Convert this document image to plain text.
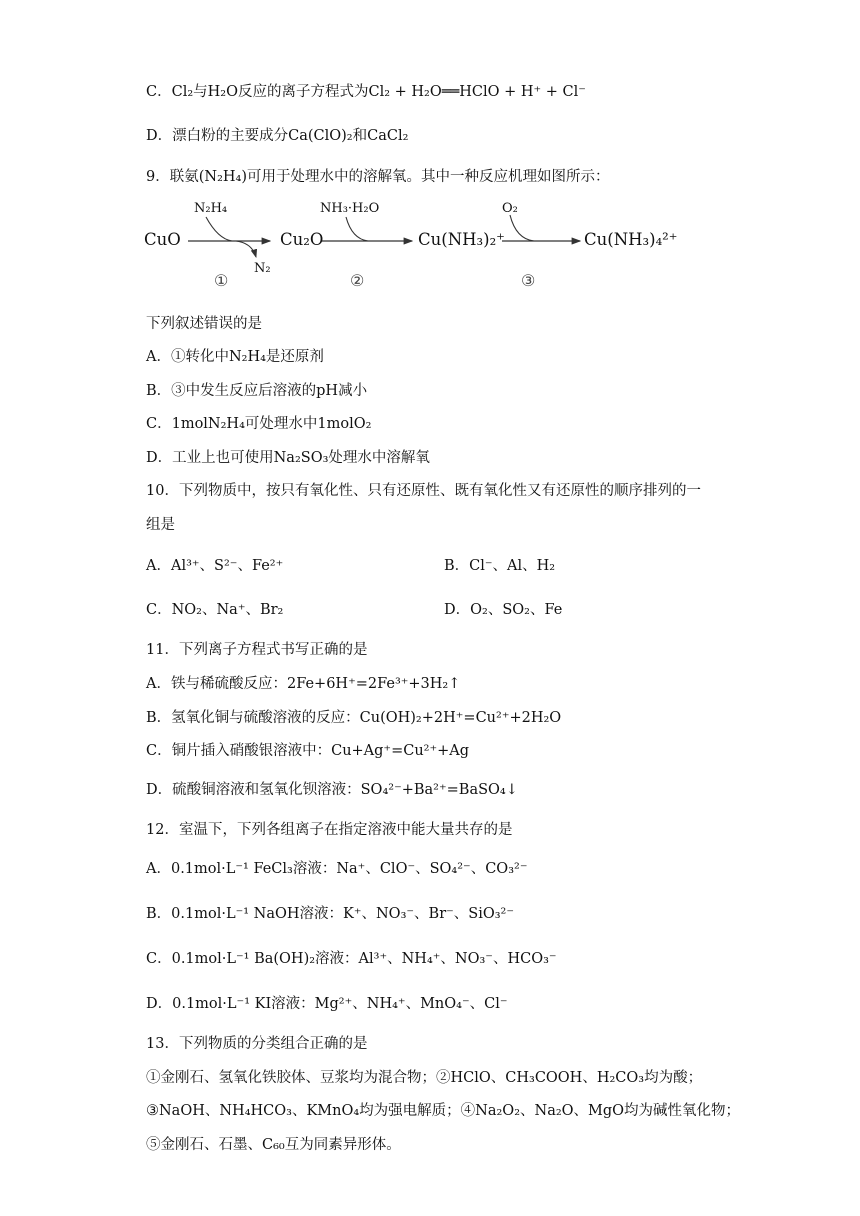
C．Cl₂与H₂O反应的离子方程式为Cl₂ + H₂O══HClO + H⁺ + Cl⁻
D．漂白粉的主要成分Ca(ClO)₂和CaCl₂
9．联氨(N₂H₄)可用于处理水中的溶解氧。其中一种反应机理如图所示：
CuO	Cu₂O	Cu(NH₃)₂⁺	Cu(NH₃)₄²⁺
N₂H₄
N₂
NH₃·H₂O	O₂
①	②	③
下列叙述错误的是
A．①转化中N₂H₄是还原剂
B．③中发生反应后溶液的pH减小
C．1molN₂H₄可处理水中1molO₂
D．工业上也可使用Na₂SO₃处理水中溶解氧
10．下列物质中，按只有氧化性、只有还原性、既有氧化性又有还原性的顺序排列的一
组是
A．Al³⁺、S²⁻、Fe²⁺	B．Cl⁻、Al、H₂
C．NO₂、Na⁺、Br₂	D．O₂、SO₂、Fe
11．下列离子方程式书写正确的是
A．铁与稀硫酸反应：2Fe+6H⁺=2Fe³⁺+3H₂↑
B．氢氧化铜与硫酸溶液的反应：Cu(OH)₂+2H⁺=Cu²⁺+2H₂O
C．铜片插入硝酸银溶液中：Cu+Ag⁺=Cu²⁺+Ag
D．硫酸铜溶液和氢氧化钡溶液：SO₄²⁻+Ba²⁺=BaSO₄↓
12．室温下，下列各组离子在指定溶液中能大量共存的是
A．0.1mol·L⁻¹ FeCl₃溶液：Na⁺、ClO⁻、SO₄²⁻、CO₃²⁻
B．0.1mol·L⁻¹ NaOH溶液：K⁺、NO₃⁻、Br⁻、SiO₃²⁻
C．0.1mol·L⁻¹ Ba(OH)₂溶液：Al³⁺、NH₄⁺、NO₃⁻、HCO₃⁻
D．0.1mol·L⁻¹ KI溶液：Mg²⁺、NH₄⁺、MnO₄⁻、Cl⁻
13．下列物质的分类组合正确的是
①金刚石、氢氧化铁胶体、豆浆均为混合物；②HClO、CH₃COOH、H₂CO₃均为酸；
③NaOH、NH₄HCO₃、KMnO₄均为强电解质；④Na₂O₂、Na₂O、MgO均为碱性氧化物；
⑤金刚石、石墨、C₆₀互为同素异形体。
